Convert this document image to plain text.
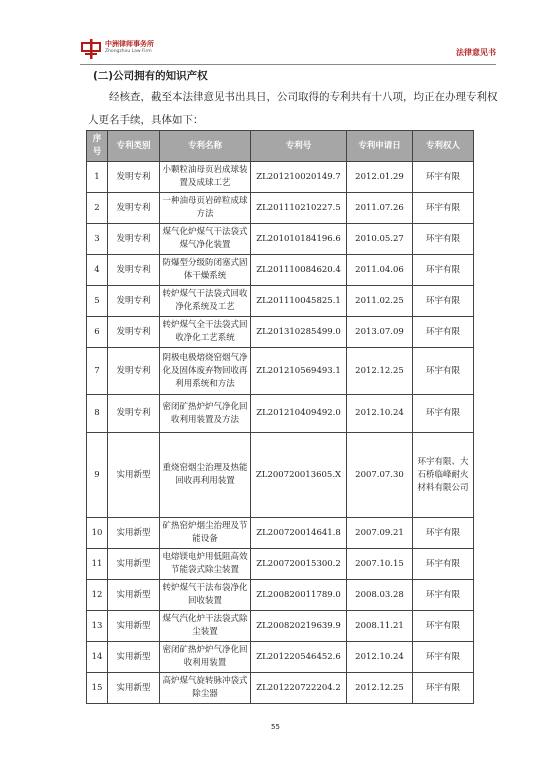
中洲律师事务所
Zhongzhou Law Firm	法律意见书
(二)公司拥有的知识产权

经核查，截至本法律意见书出具日，公司取得的专利共有十八项，均正在办理专利权人更名手续，具体如下：

序号	专利类别	专利名称	专利号	专利申请日	专利权人
1	发明专利	小颗粒油母页岩成球装置及成球工艺	ZL201210020149.7	2012.01.29	环宇有限
2	发明专利	一种油母页岩碎粒成球方法	ZL201110210227.5	2011.07.26	环宇有限
3	发明专利	煤气化炉煤气干法袋式煤气净化装置	ZL201010184196.6	2010.05.27	环宇有限
4	发明专利	防爆型分级防闭塞式固体干燥系统	ZL201110084620.4	2011.04.06	环宇有限
5	发明专利	转炉煤气干法袋式回收净化系统及工艺	ZL201110045825.1	2011.02.25	环宇有限
6	发明专利	转炉煤气全干法袋式回收净化工艺系统	ZL201310285499.0	2013.07.09	环宇有限
7	发明专利	阴极电极熔烧窑烟气净化及固体废弃物回收再利用系统和方法	ZL201210569493.1	2012.12.25	环宇有限
8	发明专利	密闭矿热炉炉气净化回收利用装置及方法	ZL201210409492.0	2012.10.24	环宇有限
9	实用新型	重烧窑烟尘治理及热能回收再利用装置	ZL200720013605.X	2007.07.30	环宇有限、大石桥临峰耐火材料有限公司
10	实用新型	矿热窑炉烟尘治理及节能设备	ZL200720014641.8	2007.09.21	环宇有限
11	实用新型	电熔镁电炉用低阻高效节能袋式除尘装置	ZL200720015300.2	2007.10.15	环宇有限
12	实用新型	转炉煤气干法布袋净化回收装置	ZL200820011789.0	2008.03.28	环宇有限
13	实用新型	煤气汽化炉干法袋式除尘装置	ZL200820219639.9	2008.11.21	环宇有限
14	实用新型	密闭矿热炉炉气净化回收利用装置	ZL201220546452.6	2012.10.24	环宇有限
15	实用新型	高炉煤气旋转脉冲袋式除尘器	ZL201220722204.2	2012.12.25	环宇有限
55
